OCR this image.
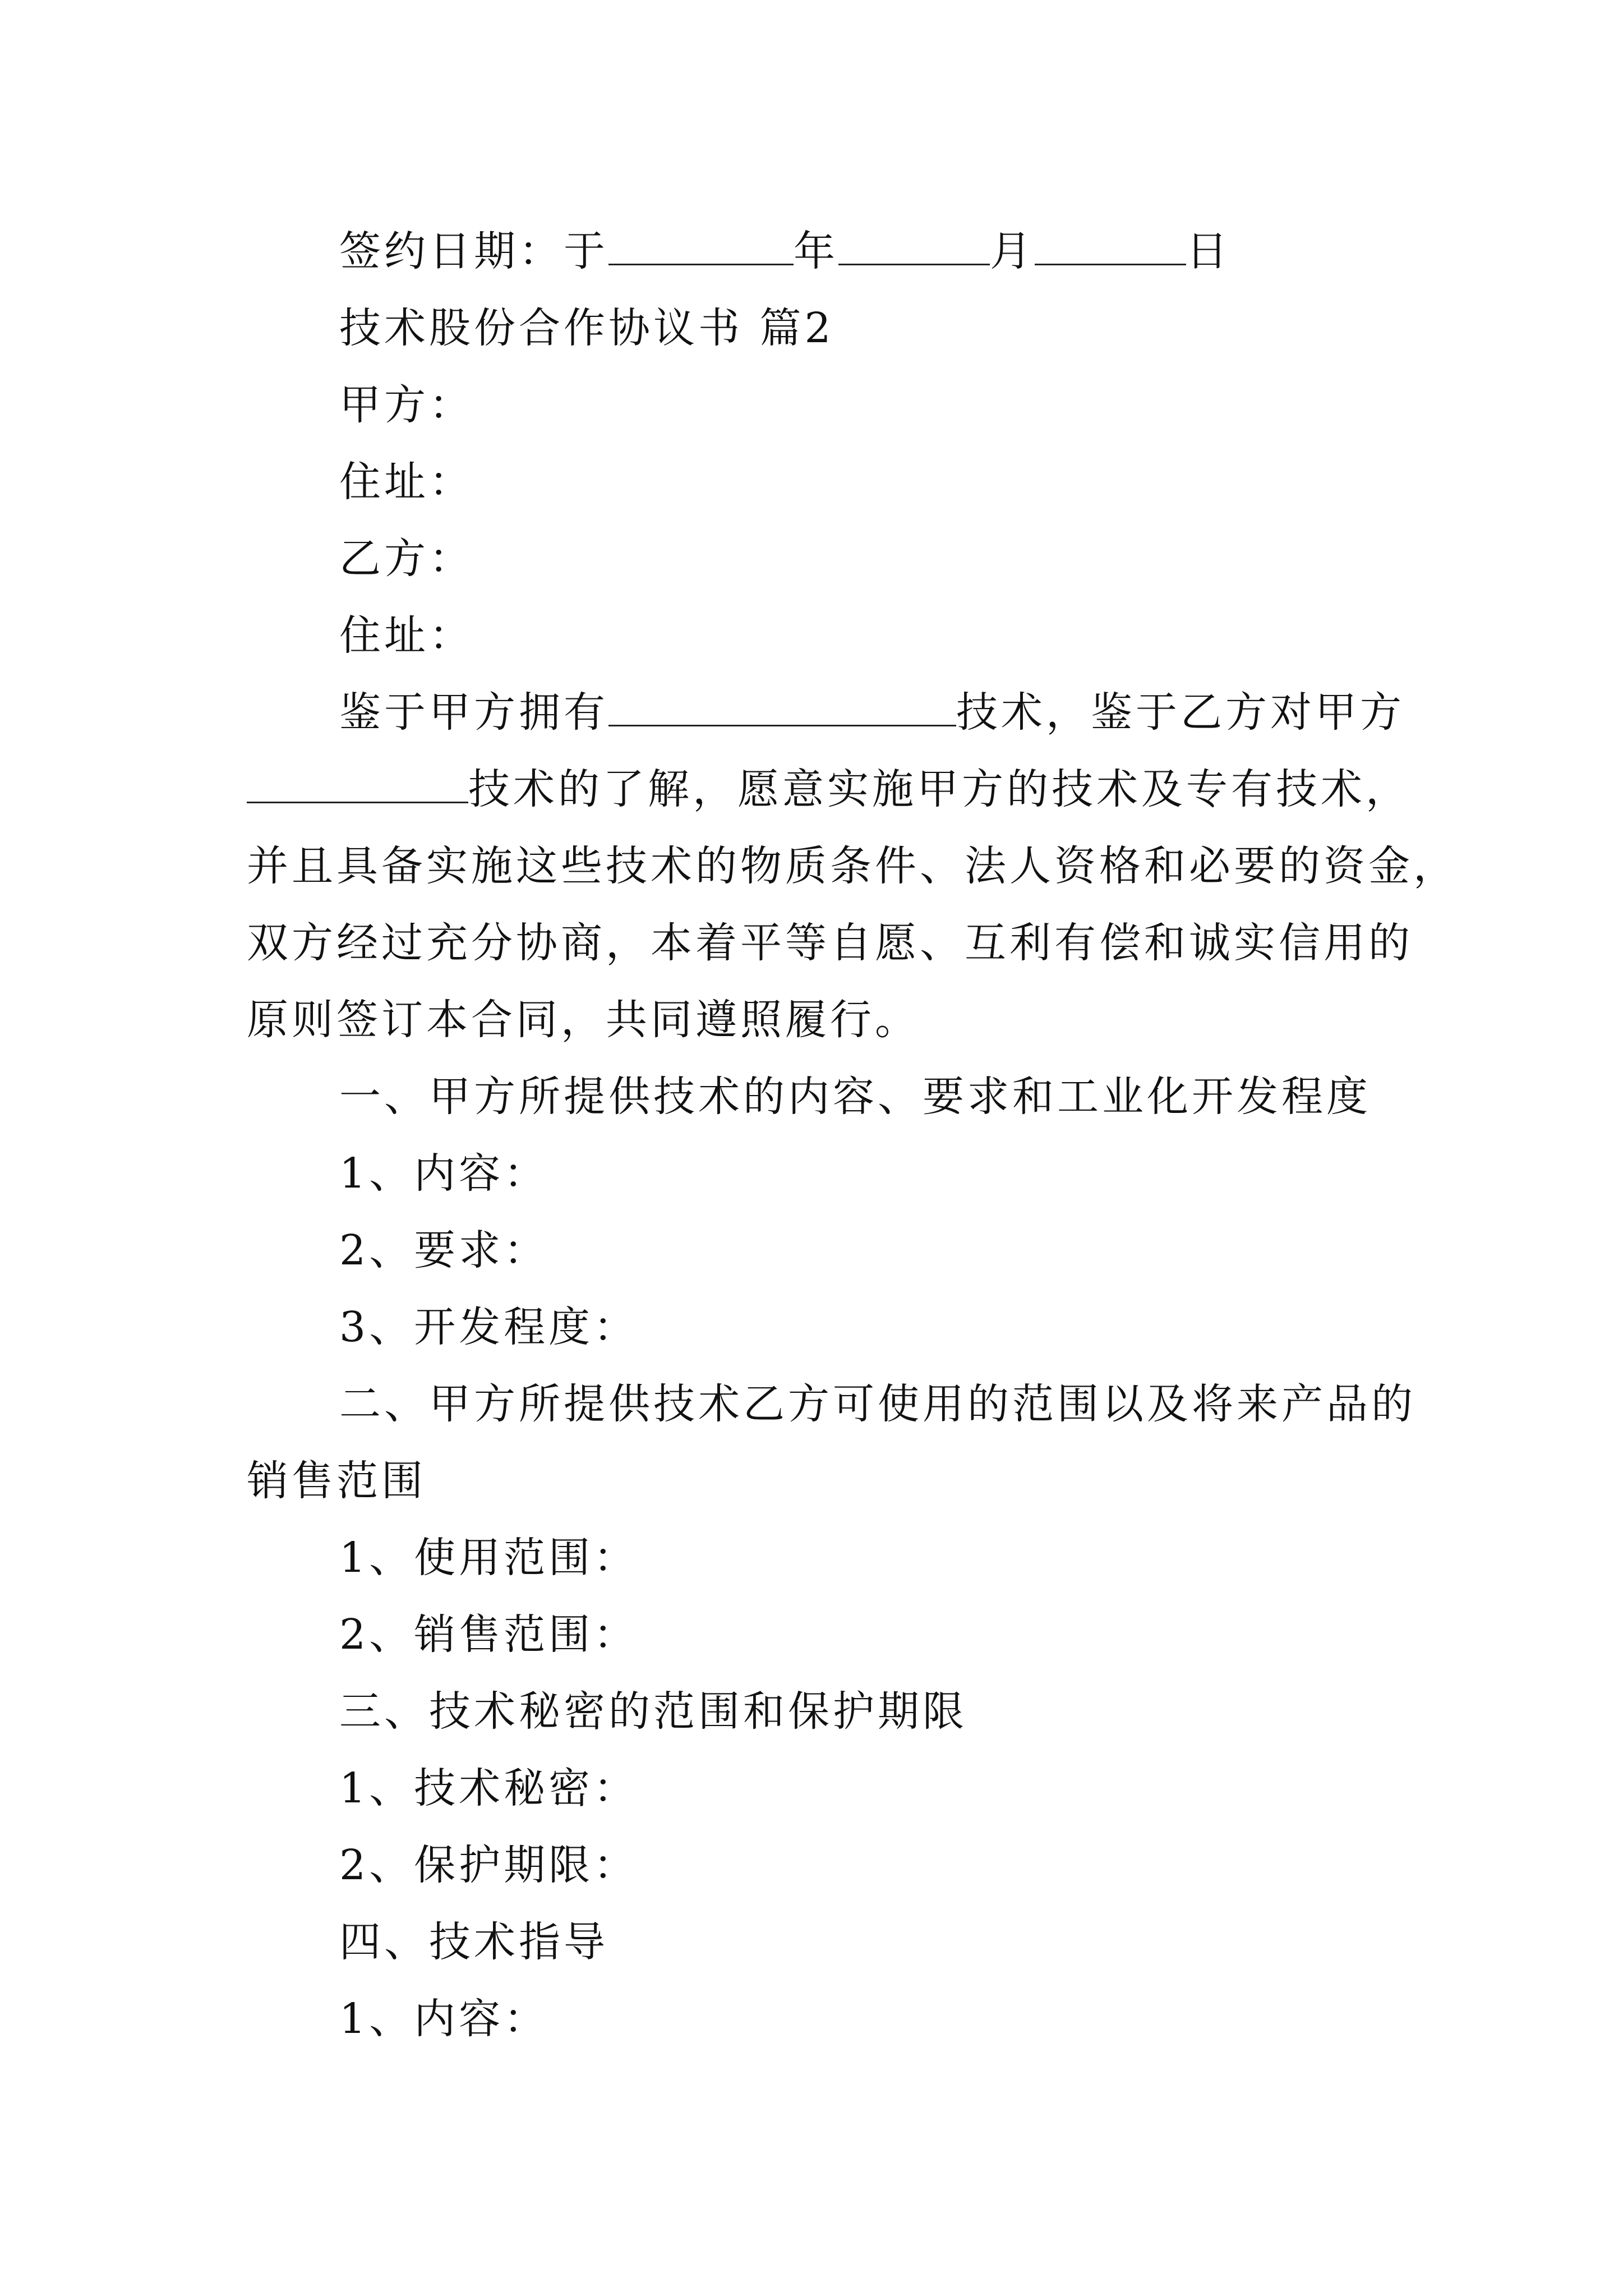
签约日期：于	年	月	日
技术股份合作协议书 篇2
甲方：
住址：
乙方：
住址：
鉴于甲方拥有	技术，鉴于乙方对甲方
技术的了解，愿意实施甲方的技术及专有技术，
并且具备实施这些技术的物质条件、法人资格和必要的资金，
双方经过充分协商，本着平等自愿、互利有偿和诚实信用的
原则签订本合同，共同遵照履行。
一、甲方所提供技术的内容、要求和工业化开发程度
1、内容：
2、要求：
3、开发程度：
二、甲方所提供技术乙方可使用的范围以及将来产品的
销售范围
1、使用范围：
2、销售范围：
三、技术秘密的范围和保护期限
1、技术秘密：
2、保护期限：
四、技术指导
1、内容：
